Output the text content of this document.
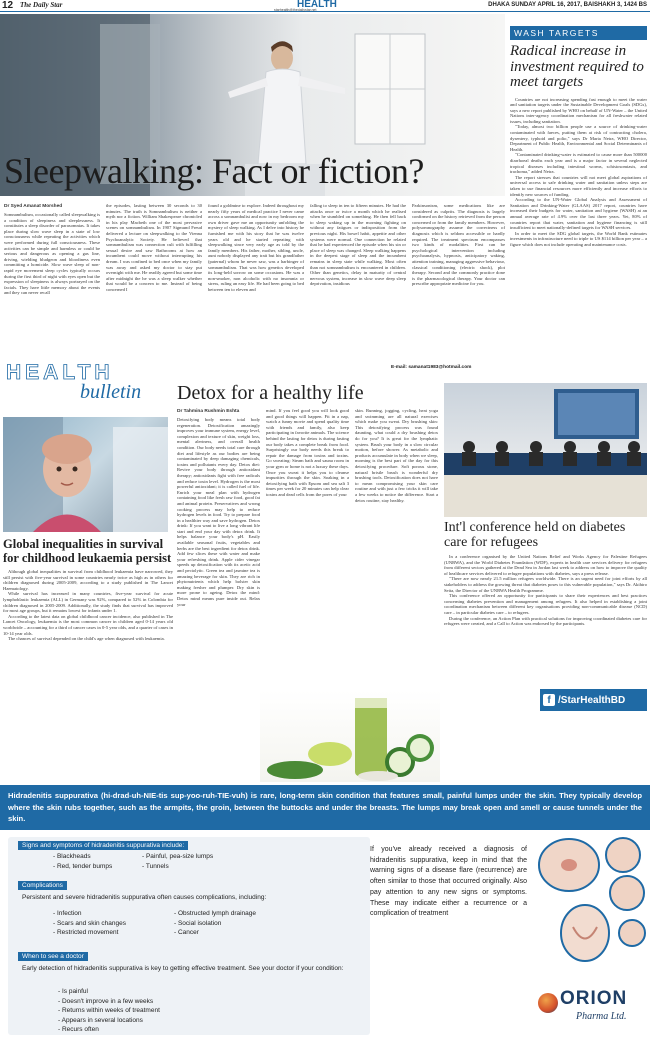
12 The Daily Star	HEALTH
starhealth@thedailystar.net
DHAKA SUNDAY APRIL 16, 2017, BAISHAKH 3, 1424 BS
Sleepwalking: Fact or fiction?
Dr Syed Amanat Morshed

Somnambulism, occasionally called sleepwalking is a condition of sleepiness and sleeplessness. It constitutes a sleep disorder of parasomnias. It takes place during slow wave sleep in a state of low consciousness while repeating the activities which were performed during full consciousness. These activities can be simple and harmless or could be serious and dangerous as opening a gas line, driving, wielding bludgeon and bloodiness even committing a homicide. Slow wave sleep of non-rapid eye movement sleep cycles typically occurs during the first third of night with eyes open but the expression of sleepiness is always portrayed on the facials. They have little memory about the events and they can never recall

the episodes, lasting between 30 seconds to 30 minutes. The truth is Somnambulism is neither a myth nor a fiction. William Shakespeare chronicled in his play Macbeth one of the most pervasive scenes on somnambulism. In 1907 Sigmund Freud delivered a lecture on sleepwalking to the Vienna Psychoanalytic Society. He believed that somnambulism was connection cult with fulfilling sexual desire and saw Bathrooms at how an incumbent could move without interrupting his dream. I was confined to bed once when my family was away and asked my doctor to stay put overnight with me. He readily agreed but some time after midnight the he was a sleep walker whether that would be a concern to me. Instead of being concerned I

found a goldmine to explore. Indeed throughout my nearly fifty years of medical practice I never came across a somnambulist and now in my bedroom my own driver gave me an opportunity unfolding the mystery of sleep walking. As I delve into history he furnished me with his story that he was twelve years old and he started repeating with sleepwalking since very early age as told by the family members. His father, mother, sibling, uncle, aunt nobody displayed any trait but his grandfather (paternal) whom he never saw, was a harbinger of somnambulism. That was how genetics developed its long-held sorrow on some occasions. He was a non-smoker, non alcoholic with no insomnia or stress, ruling an easy life. He had been going to bed between ten to eleven and

falling to sleep in ten to fifteen minutes. He had the attacks once or twice a month which he realised when he stumbled on something. He then fell back to sleep waking up in the morning fighting on without any fatigues or indisposition from the previous night. His bowel habit, appetite and other systems were normal. One connection he related that he had experienced the episode when his sin or place of sleep was changed. Sleep walking happens in the deepest stage of sleep and the incumbent remains in sleep state while walking. Most often than not somnambulism is encountered in children. Other than genetics, delay in maturity of central nervous system, increase in slow wave deep sleep deprivation, insidious

Parkinsonism, some medications like are considered as culprits. The diagnosis is largely confirmed on the history retrieved from the person concerned or from the family members. However, polysomnography assume the correctness of diagnosis which is seldom accessible or hardly required. The treatment spectrum encompasses two kinds of modalities. First can be psychological intervention including psychoanalysis, hypnosis, anticipatory waking, attention training, managing aggressive behaviour, classical conditioning (electric shock), plot therapy. Second and the commonly practice done is the pharmacological therapy. Your doctor can prescribe appropriate medicine for you.

E-mail: samanat1983@hotmail.com
WASH TARGETS
Radical increase in investment required to meet targets

Countries are not increasing spending fast enough to meet the water and sanitation targets under the Sustainable Development Goals (SDGs), says a new report published by WHO on behalf of UN-Water – the United Nations inter-agency coordination mechanism for all freshwater related issues, including sanitation.

"Today, almost two billion people use a source of drinking-water contaminated with faeces, putting them at risk of contracting cholera, dysentery, typhoid and polio," says Dr Maria Neira, WHO Director, Department of Public Health, Environmental and Social Determinants of Health.

"Contaminated drinking-water is estimated to cause more than 500000 diarrhoeal deaths each year and is a major factor in several neglected tropical diseases including intestinal worms, schistosomiasis, and trachoma," added Neira.

The report stresses that countries will not meet global aspirations of universal access to safe drinking water and sanitation unless steps are taken to use financial resources more efficiently and increase efforts to identify new sources of funding.

According to the UN-Water Global Analysis and Assessment of Sanitation and Drinking-Water (GLAAS) 2017 report, countries have increased their budgets for water, sanitation and hygiene (WASH) at an annual average rate of 4.9% over the last three years. Yet, 80% of countries report that water, sanitation and hygiene financing is still insufficient to meet nationally-defined targets for WASH services.

In order to meet the SDG global targets, the World Bank estimates investments in infrastructure need to triple to US $114 billion per year – a figure which does not include operating and maintenance costs.

HEALTH
bulletin
Global inequalities in survival for childhood leukaemia persist

Although global inequalities in survival from childhood leukaemia have narrowed, they still persist with five-year survival in some countries nearly twice as high as in others for children diagnosed during 2005-2009, according to a study published in The Lancet Haematology.

While survival has increased in many countries, five-year survival for acute lymphoblastic leukaemia (ALL) in Germany was 92%, compared to 52% in Colombia for children diagnosed in 2005-2009. Additionally, the study finds that survival has improved for most age groups, but it remains lowest for infants under 1.

According to the latest data on global childhood cancer incidence, also published in The Lancet Oncology, leukaemia is the most common cancer in children aged 0-14 years old worldwide – accounting for a third of cancer cases in 0-5 year olds, and a quarter of cases in 10-14 year olds.

The chances of survival depended on the child's age when diagnosed with leukaemia.

Detox for a healthy life
Dr Tahmina Rushmin Eshta

Detoxifying body means total body regeneration. Detoxification amazingly improves your immune system, energy level, complexion and texture of skin, weight loss, mental alertness, and overall health condition. Our body needs total care through diet and lifestyle as our bodies are being contaminated by deep damaging chemicals, toxins and pollutants every day. Detox diet: Revive your body through antioxidant therapy; antioxidants fight with free radicals and reduce toxin level. Hydrogen is the most powerful antioxidant; it is called fuel of life. Enrich your meal plan with hydrogen containing food like fresh raw food, good fat and animal protein. Preservatives and wrong cooking process may help to reduce hydrogen levels in food. Try to prepare food in a healthier way and save hydrogen. Detox drink: If you want to live a long vibrant life start and end your day with detox drink. It helps balance your body's pH. Easily available seasonal fruits, vegetables and herbs are the best ingredient for detox drink. Add few slices these with water and make your refreshing drink. Apple cider vinegar speeds up detoxification with its acetic acid and pectolytic. Green tea and jasmine tea is amazing beverage for skin. They are rich in phytonutrients which help bolster skin making fresher and plumper. Dry skin is more prone to ageing. Detox the mind: Detox mind means pure inside out. Relax your

mind. If you feel good you will look good and good things will happen. Fit in a nap, watch a funny movie and spend quality time with friends and family, also keep participating in favorite animals. The science behind the lasting for detox is during fasting our body takes a complete break from food. Surprisingly our body needs this break to repair the damage from toxins and toxins. Go sweating: Steam bath and sauna room in your gym or home is not a luxury these days. Once you sweat it helps you to cleanse impurities through the skin. Soaking in a detoxifying bath with Epsom and sea salt 3 times per week for 20 minutes can help clear toxins and dead cells from the pores of your

skin. Running, jogging, cycling, heat yoga and swimming are all natural exercises which make you sweat. Dry brushing skin: This detoxifying process was found daunting, what could a dry brushing detox do for you? It is great for the lymphatic system. Brush your body in a slow circular motion, before shower. As metabolic and products accumulate in body when we sleep, morning is the best part of the day for this detoxifying procedure. Soft porous stone, natural bristle brush is wonderful dry brushing tools. Detoxification does not have to mean compromising your skin care routine and with just a few tricks it will take a few weeks to notice the difference. Start a detox routine, stay healthy.

f /StarHealthBD
Int'l conference held on diabetes care for refugees

In a conference organised by the United Nations Relief and Works Agency for Palestine Refugees (UNRWA), and the World Diabetes Foundation (WDF), experts in health care services delivery for refugees from different sectors gathered at the Dead Sea in Jordan last week to address on how to improve the quality of healthcare services delivered to refugee populations with diabetes, says a press release.

"There are now nearly 21.5 million refugees worldwide. There is an urgent need for joint efforts by all stakeholders to address the growing threat that diabetes poses to this vulnerable population," says Dr. Akihiro Seita, the Director of the UNRWA Health Programme.

This conference offered an opportunity for participants to share their experiences and best practices concerning diabetes prevention and management among refugees. It also helped in establishing a joint coordination mechanism between different key organisations providing non-communicable disease (NCD) care – in particular diabetes care – to refugees.

During the conference, an Action Plan with practical solutions for improving coordinated diabetes care for refugees were created, and a Call to Action was endorsed by the participants.

Hidradenitis suppurativa (hi-drad-uh-NIE-tis sup-yoo-ruh-TIE-vuh) is rare, long-term skin condition that features small, painful lumps under the skin. They typically develop where the skin rubs together, such as the armpits, the groin, between the buttocks and under the breasts. The lumps may break open and smell or cause tunnels under the skin.
Signs and symptoms of hidradenitis suppurativa include:
- Blackheads
- Red, tender bumps
- Painful, pea-size lumps
- Tunnels
Complications
Persistent and severe hidradenitis suppurativa often causes complications, including:
- Infection
- Scars and skin changes
- Restricted movement
- Obstructed lymph drainage
- Social isolation
- Cancer
When to see a doctor
Early detection of hidradenitis suppurativa is key to getting effective treatment. See your doctor if your condition:
- Is painful
- Doesn't improve in a few weeks
- Returns within weeks of treatment
- Appears in several locations
- Recurs often
If you've already received a diagnosis of hidradenitis suppurativa, keep in mind that the warning signs of a disease flare (recurrence) are often similar to those that occurred originally. Also pay attention to any new signs or symptoms. These may indicate either a recurrence or a complication of treatment
ORION
Pharma Ltd.
